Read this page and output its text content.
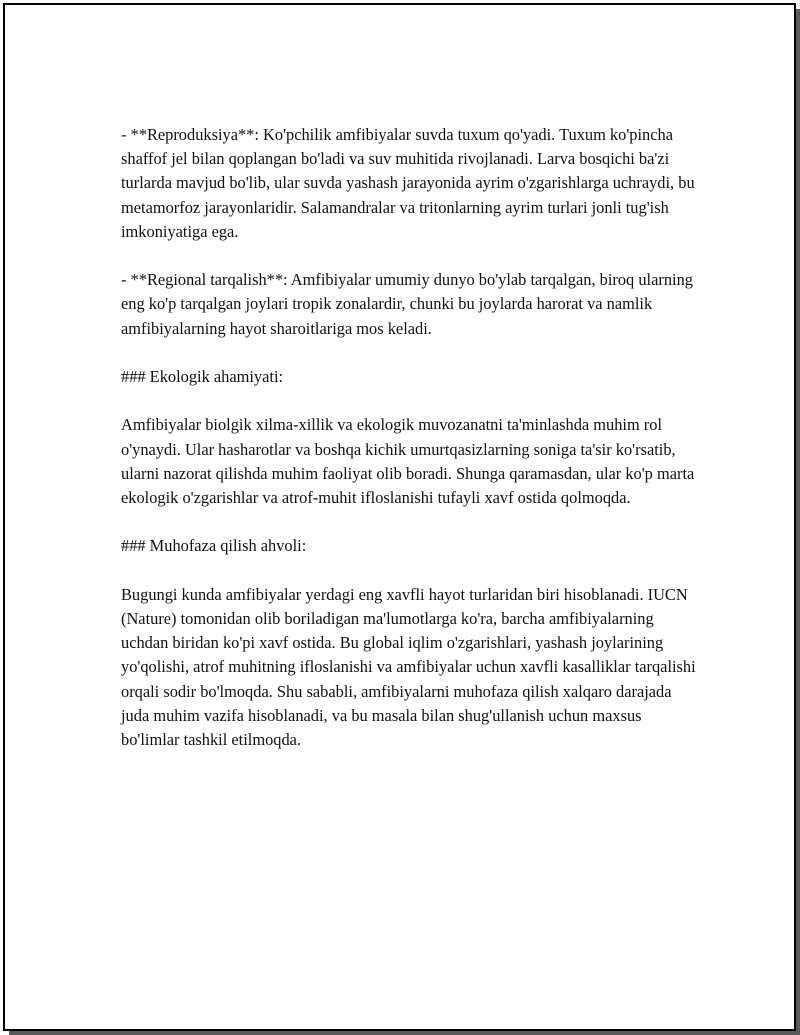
- **Reproduksiya**: Ko'pchilik amfibiyalar suvda tuxum qo'yadi. Tuxum ko'pincha shaffof jel bilan qoplangan bo'ladi va suv muhitida rivojlanadi. Larva bosqichi ba'zi turlarda mavjud bo'lib, ular suvda yashash jarayonida ayrim o'zgarishlarga uchraydi, bu metamorfoz jarayonlaridir. Salamandralar va tritonlarning ayrim turlari jonli tug'ish imkoniyatiga ega.

- **Regional tarqalish**: Amfibiyalar umumiy dunyo bo'ylab tarqalgan, biroq ularning eng ko'p tarqalgan joylari tropik zonalardir, chunki bu joylarda harorat va namlik amfibiyalarning hayot sharoitlariga mos keladi.

### Ekologik ahamiyati:

Amfibiyalar biolgik xilma-xillik va ekologik muvozanatni ta'minlashda muhim rol o'ynaydi. Ular hasharotlar va boshqa kichik umurtqasizlarning soniga ta'sir ko'rsatib, ularni nazorat qilishda muhim faoliyat olib boradi. Shunga qaramasdan, ular ko'p marta ekologik o'zgarishlar va atrof-muhit ifloslanishi tufayli xavf ostida qolmoqda.

### Muhofaza qilish ahvoli:

Bugungi kunda amfibiyalar yerdagi eng xavfli hayot turlaridan biri hisoblanadi. IUCN (Nature) tomonidan olib boriladigan ma'lumotlarga ko'ra, barcha amfibiyalarning uchdan biridan ko'pi xavf ostida. Bu global iqlim o'zgarishlari, yashash joylarining yo'qolishi, atrof muhitning ifloslanishi va amfibiyalar uchun xavfli kasalliklar tarqalishi orqali sodir bo'lmoqda. Shu sababli, amfibiyalarni muhofaza qilish xalqaro darajada juda muhim vazifa hisoblanadi, va bu masala bilan shug'ullanish uchun maxsus bo'limlar tashkil etilmoqda.
